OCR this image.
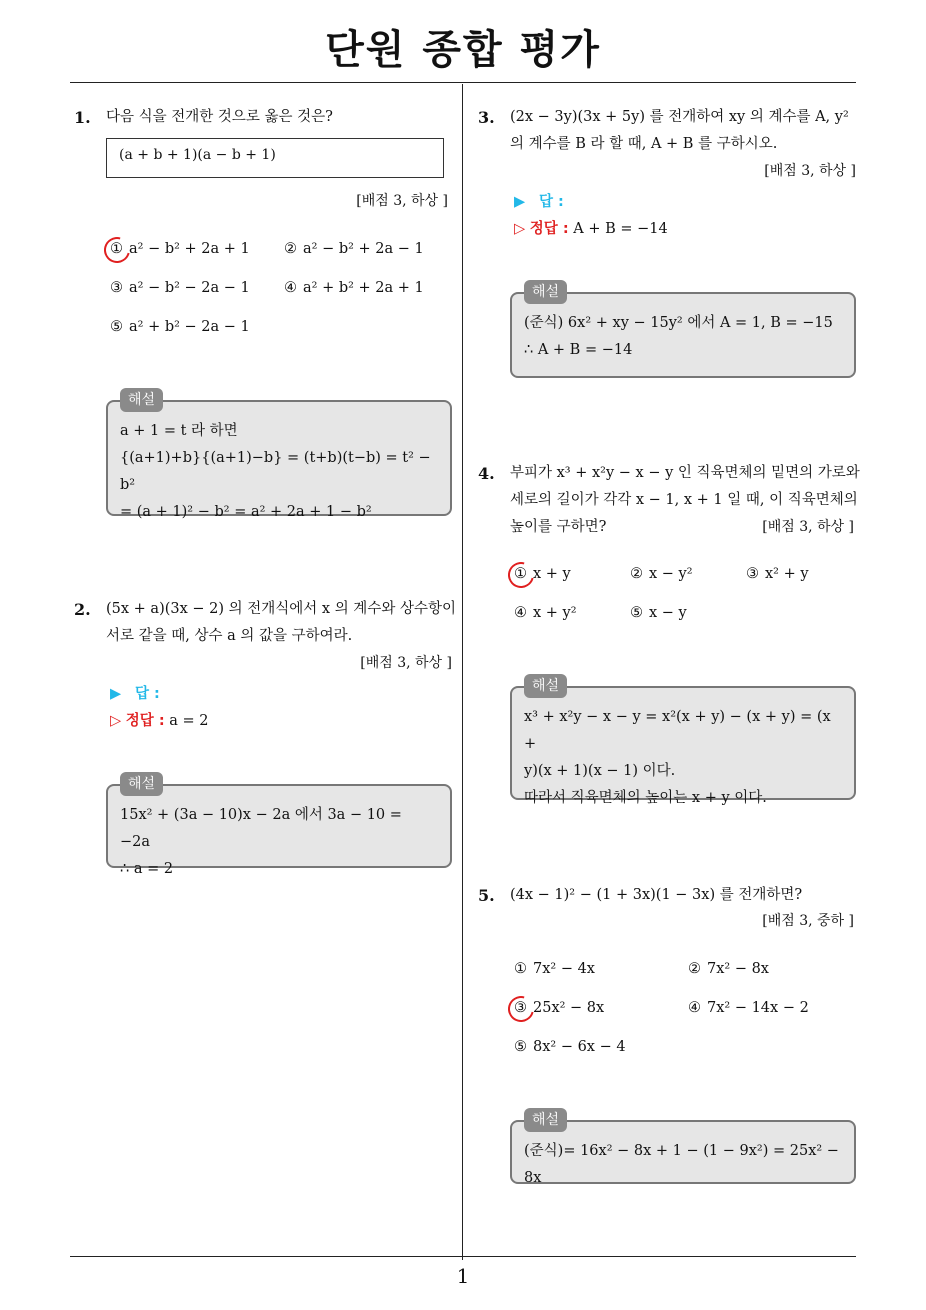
단원 종합 평가
1
1. 다음 식을 전개한 것으로 옳은 것은?
(a + b + 1)(a − b + 1)
[배점 3, 하상 ]
① a² − b² + 2a + 1 ② a² − b² + 2a − 1
③ a² − b² − 2a − 1 ④ a² + b² + 2a + 1
⑤ a² + b² − 2a − 1
해설
a + 1 = t 라 하면
{(a+1)+b}{(a+1)−b} = (t+b)(t−b) = t² − b²
= (a + 1)² − b² = a² + 2a + 1 − b²
2. (5x + a)(3x − 2) 의 전개식에서 x 의 계수와 상수항이
서로 같을 때, 상수 a 의 값을 구하여라.
[배점 3, 하상 ]
▶ 답 :
▷ 정답 : a = 2
해설
15x² + (3a − 10)x − 2a 에서 3a − 10 = −2a
∴ a = 2
3. (2x − 3y)(3x + 5y) 를 전개하여 xy 의 계수를 A, y²
의 계수를 B 라 할 때, A + B 를 구하시오.
[배점 3, 하상 ]
▶ 답 :
▷ 정답 : A + B = −14
해설
(준식) 6x² + xy − 15y² 에서 A = 1, B = −15
∴ A + B = −14
4. 부피가 x³ + x²y − x − y 인 직육면체의 밑면의 가로와
세로의 길이가 각각 x − 1, x + 1 일 때, 이 직육면체의
높이를 구하면?	[배점 3, 하상 ]
① x + y	② x − y²	③ x² + y
④ x + y²	⑤ x − y
해설
x³ + x²y − x − y = x²(x + y) − (x + y) = (x +
y)(x + 1)(x − 1) 이다.
따라서 직육면체의 높이는 x + y 이다.
5. (4x − 1)² − (1 + 3x)(1 − 3x) 를 전개하면?
[배점 3, 중하 ]
① 7x² − 4x	② 7x² − 8x
③ 25x² − 8x	④ 7x² − 14x − 2
⑤ 8x² − 6x − 4
해설
(준식)= 16x² − 8x + 1 − (1 − 9x²) = 25x² − 8x
